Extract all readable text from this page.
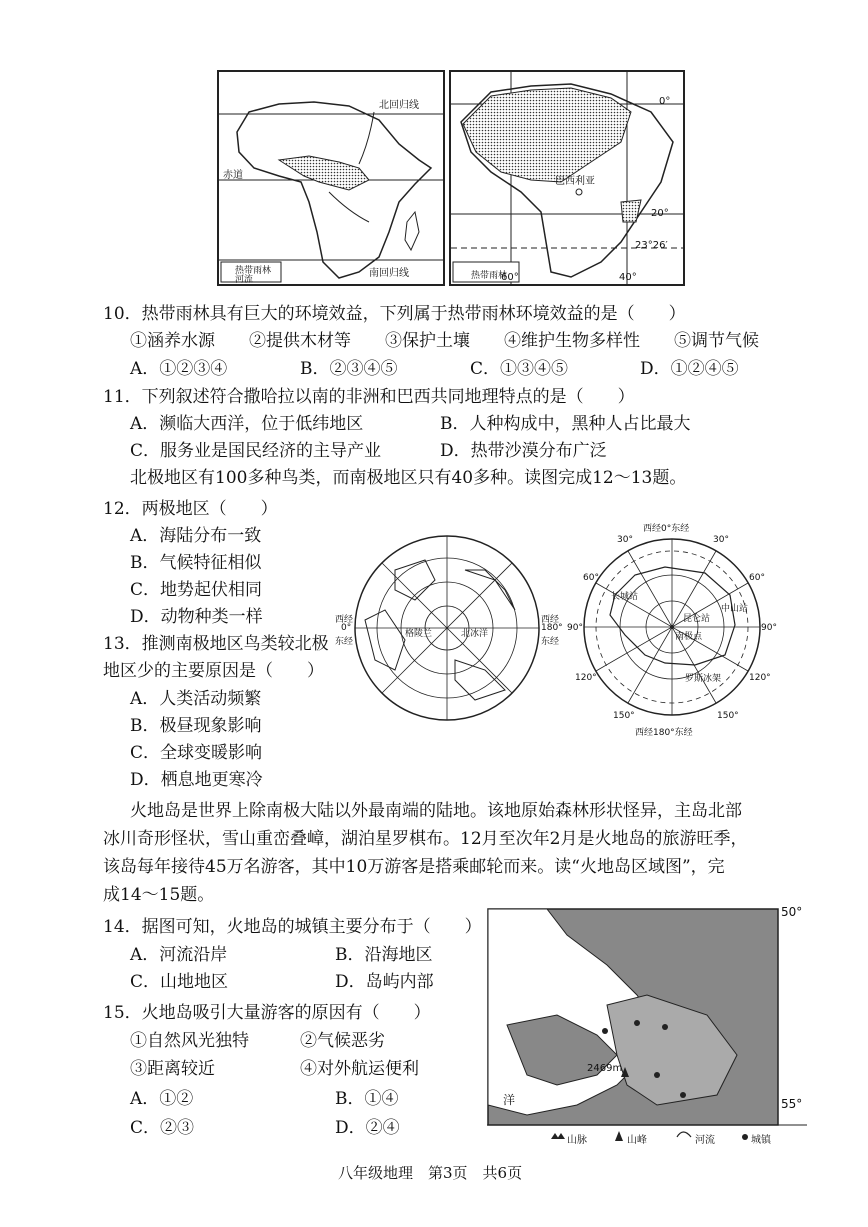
北回归线
赤道
南回归线
热带雨林
河流
0°
20°
23°26′
60°	40°
巴西利亚
热带雨林
10．热带雨林具有巨大的环境效益，下列属于热带雨林环境效益的是（　　）
①涵养水源　　②提供木材等　　③保护土壤　　④维护生物多样性　　⑤调节气候
A．①②③④	B．②③④⑤	C．①③④⑤	D．①②④⑤
11．下列叙述符合撒哈拉以南的非洲和巴西共同地理特点的是（　　）
A．濒临大西洋，位于低纬地区	B．人种构成中，黑种人占比最大
C．服务业是国民经济的主导产业	D．热带沙漠分布广泛
北极地区有100多种鸟类，而南极地区只有40多种。读图完成12～13题。
12．两极地区（　　）
A．海陆分布一致
B．气候特征相似
C．地势起伏相同
D．动物种类一样
13．推测南极地区鸟类较北极
地区少的主要原因是（　　）
A．人类活动频繁
B．极昼现象影响
C．全球变暖影响
D．栖息地更寒冷
西经
0°
东经
西经
180°
东经
格陵兰	北冰洋
西经0°东经
西经180°东经
30°	30°
60°	60°
90°	90°
120°	120°
150°	150°
长城站
中山站
昆仑站
南极点
罗斯冰架
火地岛是世界上除南极大陆以外最南端的陆地。该地原始森林形状怪异，主岛北部
冰川奇形怪状，雪山重峦叠嶂，湖泊星罗棋布。12月至次年2月是火地岛的旅游旺季，
该岛每年接待45万名游客，其中10万游客是搭乘邮轮而来。读“火地岛区域图”，完
成14～15题。
14．据图可知，火地岛的城镇主要分布于（　　）
A．河流沿岸	B．沿海地区
C．山地地区	D．岛屿内部
15．火地岛吸引大量游客的原因有（　　）
①自然风光独特	②气候恶劣
③距离较近	④对外航运便利
A．①②	B．①④
C．②③	D．②④
50°
55°
2469m
洋
山脉	山峰	河流	城镇
八年级地理　第3页　共6页
